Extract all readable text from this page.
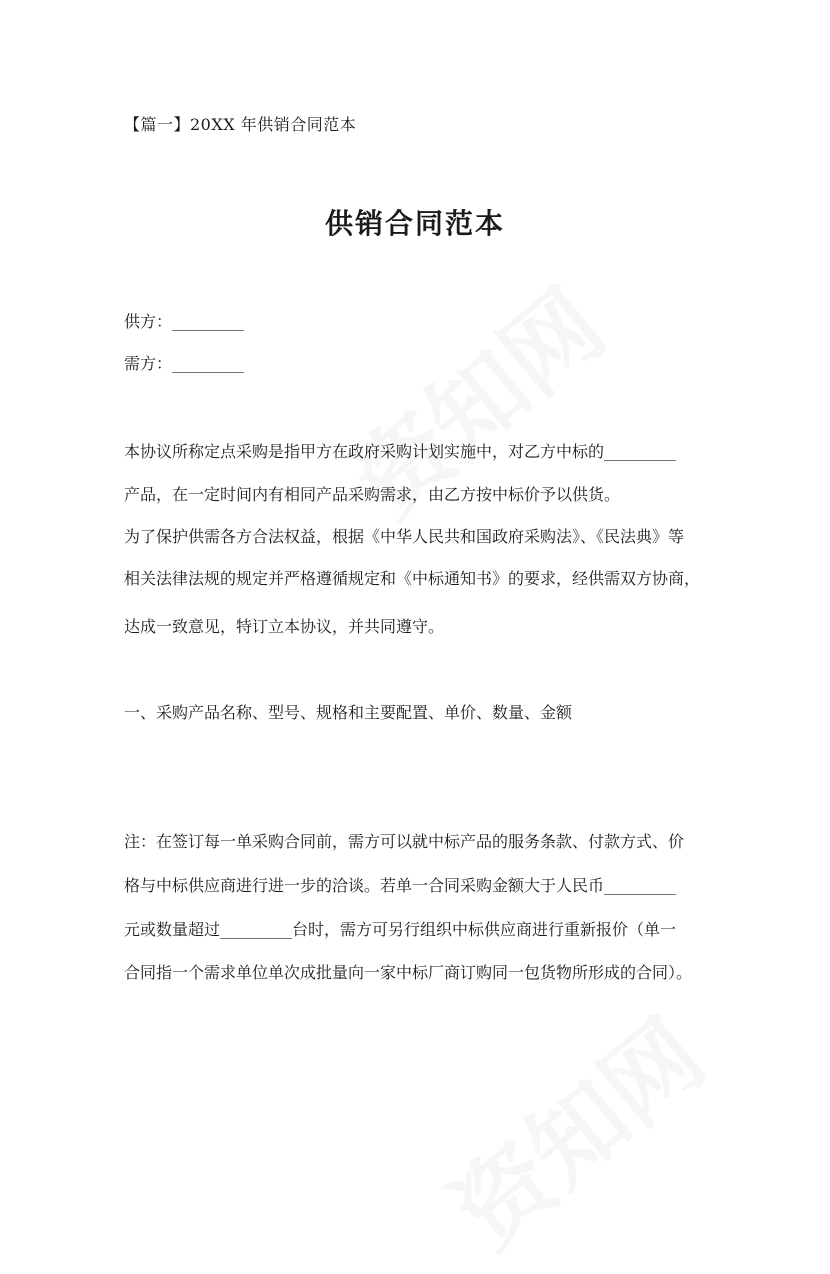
【篇一】20XX 年供销合同范本
供销合同范本
供方：_________
需方：_________
本协议所称定点采购是指甲方在政府采购计划实施中，对乙方中标的_________
产品，在一定时间内有相同产品采购需求，由乙方按中标价予以供货。
为了保护供需各方合法权益，根据《中华人民共和国政府采购法》、《民法典》等
相关法律法规的规定并严格遵循规定和《中标通知书》的要求，经供需双方协商，
达成一致意见，特订立本协议，并共同遵守。
一、采购产品名称、型号、规格和主要配置、单价、数量、金额
注：在签订每一单采购合同前，需方可以就中标产品的服务条款、付款方式、价
格与中标供应商进行进一步的洽谈。若单一合同采购金额大于人民币_________
元或数量超过_________台时，需方可另行组织中标供应商进行重新报价（单一
合同指一个需求单位单次成批量向一家中标厂商订购同一包货物所形成的合同）。
